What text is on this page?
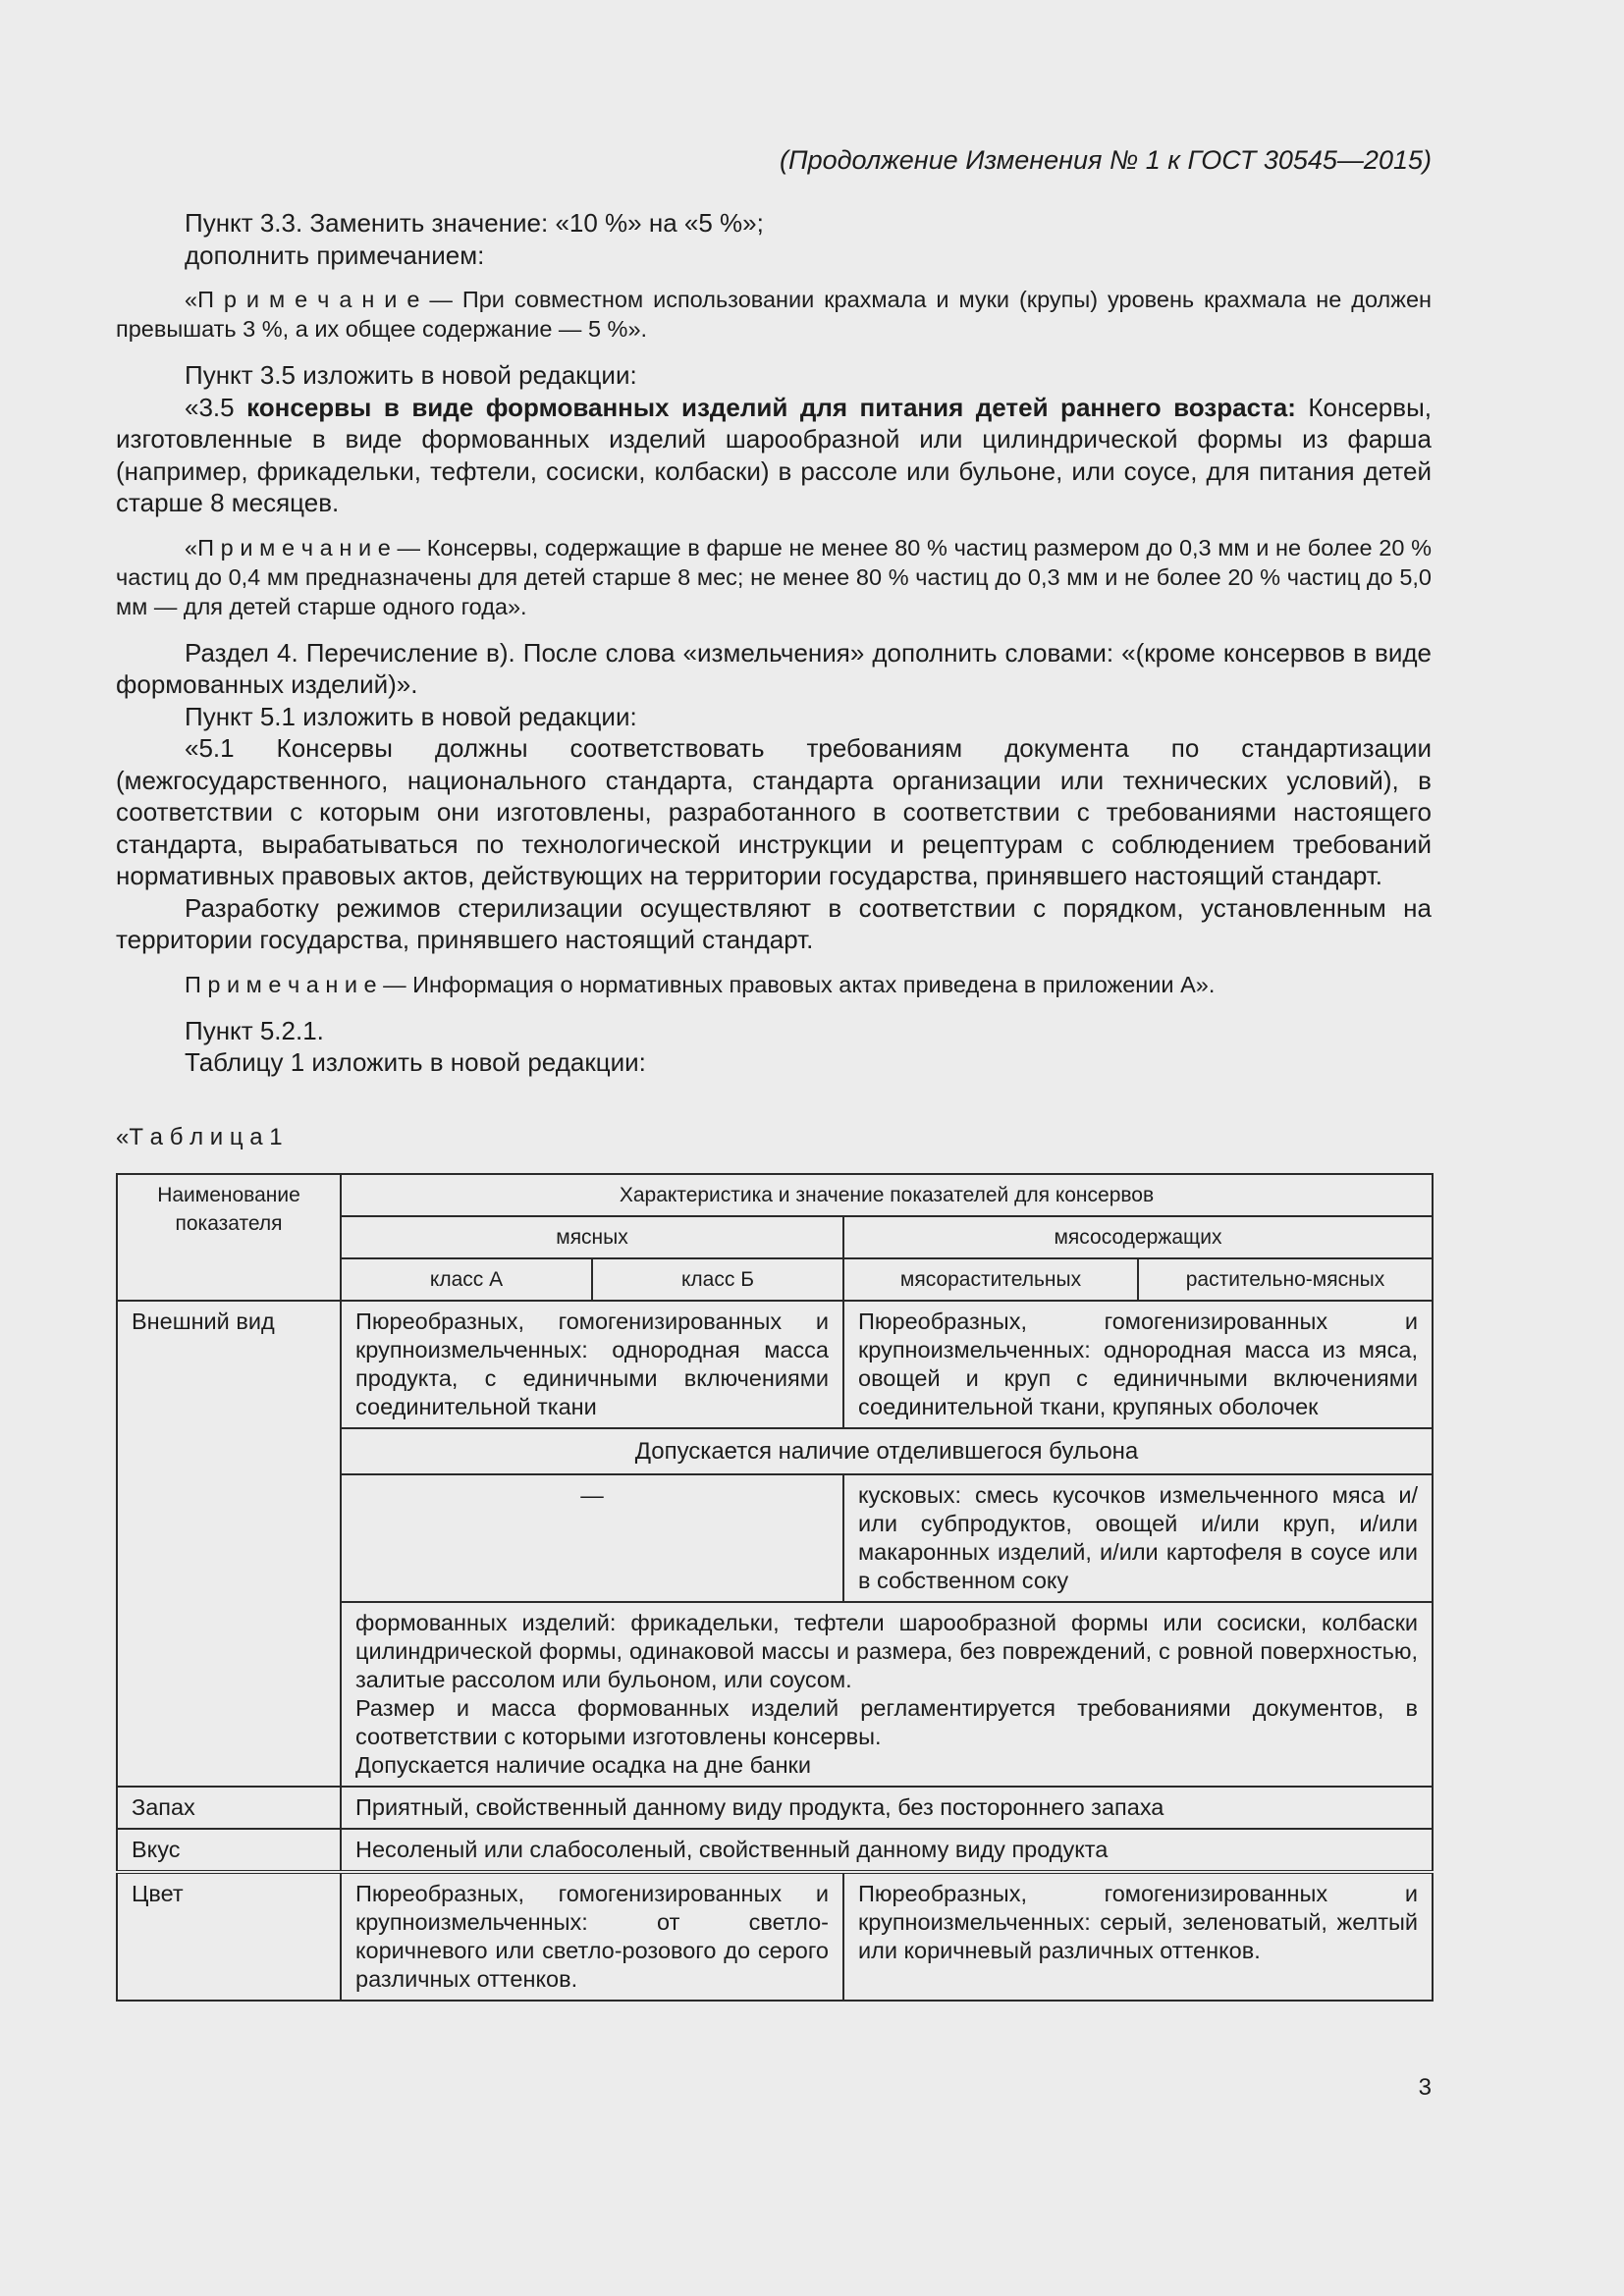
(Продолжение Изменения № 1 к ГОСТ 30545—2015)

Пункт 3.3. Заменить значение: «10 %» на «5 %»;

дополнить примечанием:

«П р и м е ч а н и е — При совместном использовании крахмала и муки (крупы) уровень крахмала не должен превышать 3 %, а их общее содержание — 5 %».

Пункт 3.5 изложить в новой редакции:

«3.5 консервы в виде формованных изделий для питания детей раннего возраста: Консервы, изготовленные в виде формованных изделий шарообразной или цилиндрической формы из фарша (например, фрикадельки, тефтели, сосиски, колбаски) в рассоле или бульоне, или соусе, для питания детей старше 8 месяцев.

«П р и м е ч а н и е — Консервы, содержащие в фарше не менее 80 % частиц размером до 0,3 мм и не более 20 % частиц до 0,4 мм предназначены для детей старше 8 мес; не менее 80 % частиц до 0,3 мм и не более 20 % частиц до 5,0 мм — для детей старше одного года».

Раздел 4. Перечисление в). После слова «измельчения» дополнить словами: «(кроме консервов в виде формованных изделий)».

Пункт 5.1 изложить в новой редакции:

«5.1 Консервы должны соответствовать требованиям документа по стандартизации (межгосударственного, национального стандарта, стандарта организации или технических условий), в соответствии с которым они изготовлены, разработанного в соответствии с требованиями настоящего стандарта, вырабатываться по технологической инструкции и рецептурам с соблюдением требований нормативных правовых актов, действующих на территории государства, принявшего настоящий стандарт.

Разработку режимов стерилизации осуществляют в соответствии с порядком, установленным на территории государства, принявшего настоящий стандарт.

П р и м е ч а н и е — Информация о нормативных правовых актах приведена в приложении А».

Пункт 5.2.1.

Таблицу 1 изложить в новой редакции:

«Т а б л и ц а 1
Наименование показателя	Характеристика и значение показателей для консервов			
	мясных		мясосодержащих	
	класс А	класс Б	мясорастительных	растительно-мясных
Внешний вид	Пюреобразных, гомогенизированных и крупноизмельченных: однородная масса продукта, с единичными включениями соединительной ткани		Пюреобразных, гомогенизированных и крупноизмельченных: однородная масса из мяса, овощей и круп с единичными включениями соединительной ткани, крупяных оболочек	
	Допускается наличие отделившегося бульона			
	—		кусковых: смесь кусочков измельченного мяса и/или субпродуктов, овощей и/или круп, и/или макаронных изделий, и/или картофеля в соусе или в собственном соку	

	формованных изделий: фрикадельки, тефтели шарообразной формы или сосиски, колбаски цилиндрической формы, одинаковой массы и размера, без повреждений, с ровной поверхностью, залитые рассолом или бульоном, или соусом.
Размер и масса формованных изделий регламентируется требованиями документов, в соответствии с которыми изготовлены консервы.
Допускается наличие осадка на дне банки			

Запах	Приятный, свойственный данному виду продукта, без постороннего запаха			
Вкус	Несоленый или слабосоленый, свойственный данному виду продукта			
Цвет	Пюреобразных, гомогенизированных и крупноизмельченных: от светло-коричневого или светло-розового до серого различных оттенков.		Пюреобразных, гомогенизированных и крупноизмельченных: серый, зеленоватый, желтый или коричневый различных оттенков.	
3
